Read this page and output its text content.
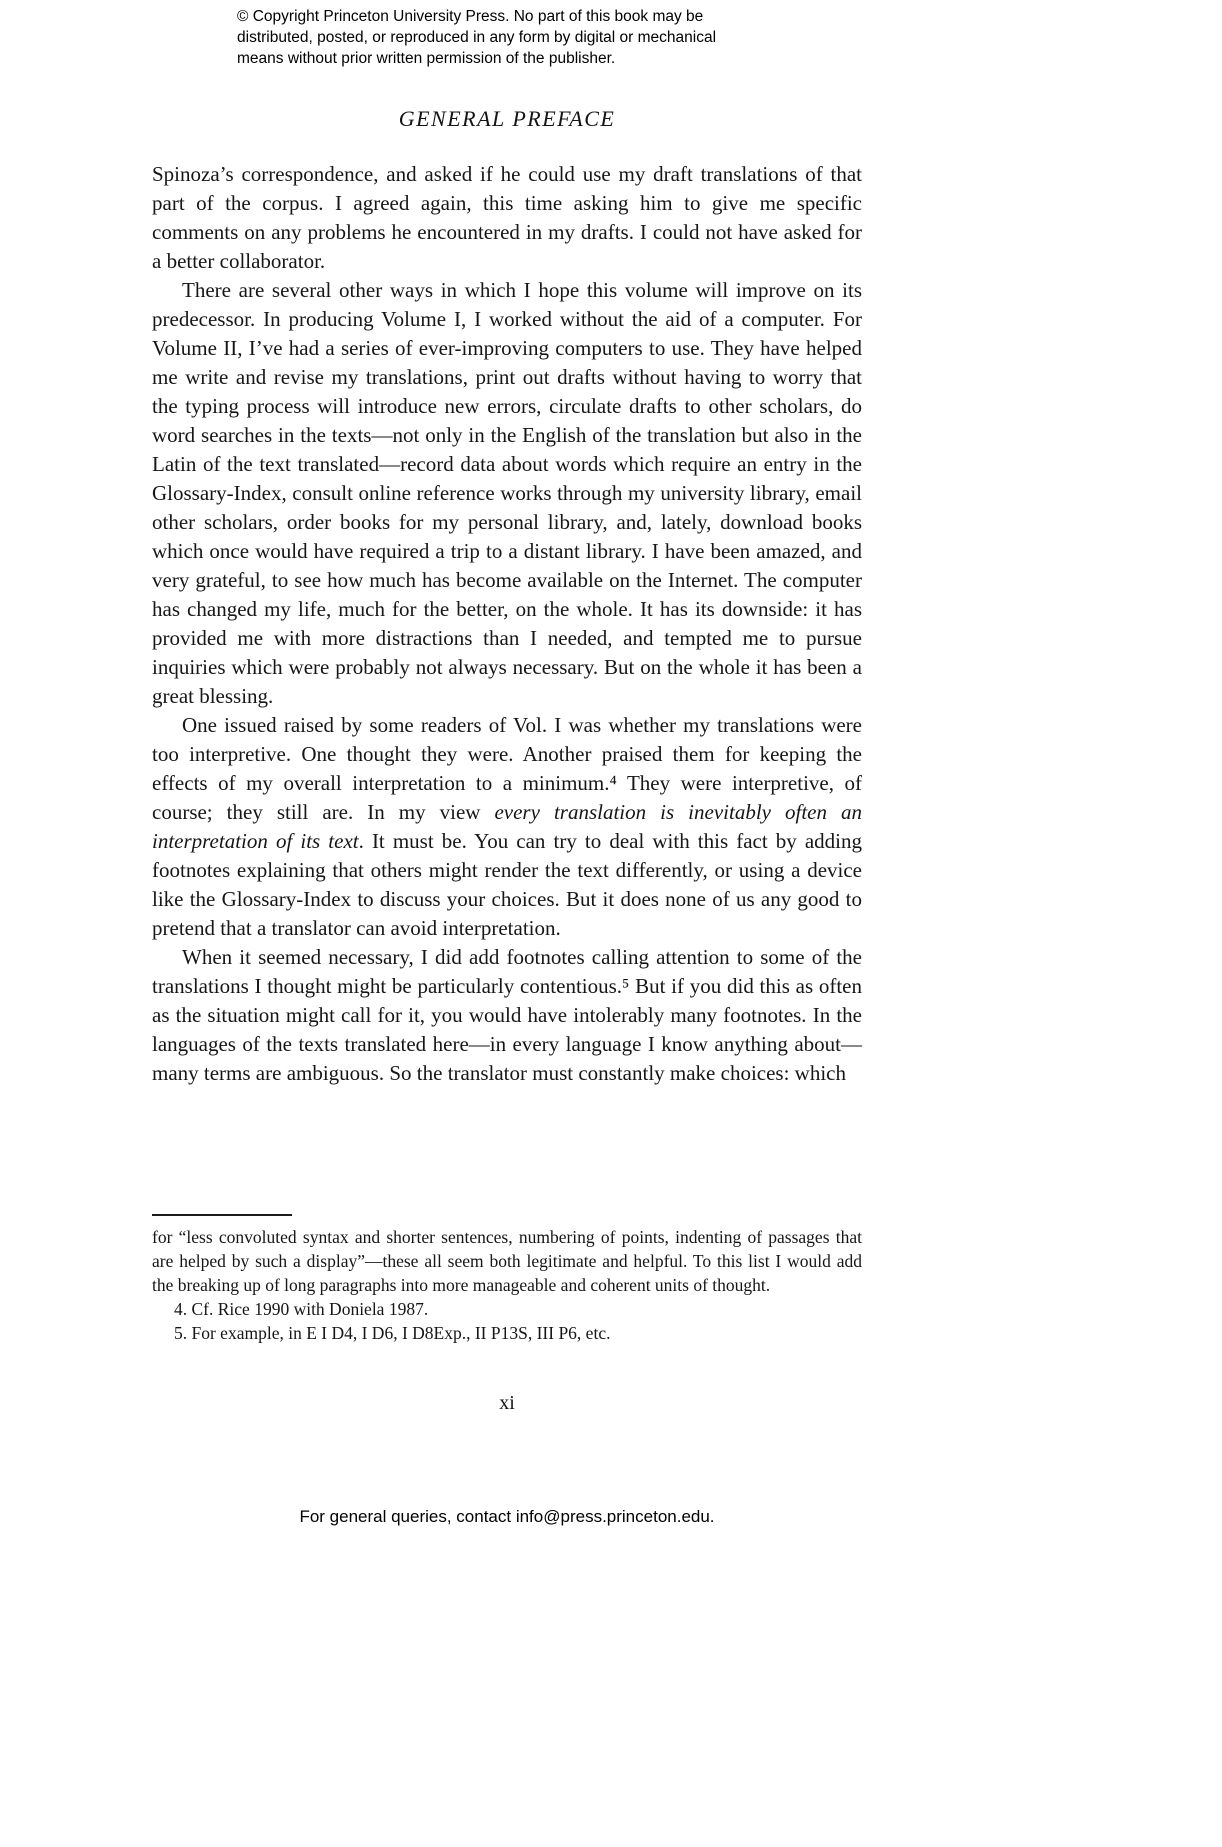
© Copyright Princeton University Press. No part of this book may be distributed, posted, or reproduced in any form by digital or mechanical means without prior written permission of the publisher.
GENERAL PREFACE

Spinoza’s correspondence, and asked if he could use my draft translations of that part of the corpus. I agreed again, this time asking him to give me specific comments on any problems he encountered in my drafts. I could not have asked for a better collaborator.

There are several other ways in which I hope this volume will improve on its predecessor. In producing Volume I, I worked without the aid of a computer. For Volume II, I’ve had a series of ever-improving computers to use. They have helped me write and revise my translations, print out drafts without having to worry that the typing process will introduce new errors, circulate drafts to other scholars, do word searches in the texts—not only in the English of the translation but also in the Latin of the text translated—record data about words which require an entry in the Glossary-Index, consult online reference works through my university library, email other scholars, order books for my personal library, and, lately, download books which once would have required a trip to a distant library. I have been amazed, and very grateful, to see how much has become available on the Internet. The computer has changed my life, much for the better, on the whole. It has its downside: it has provided me with more distractions than I needed, and tempted me to pursue inquiries which were probably not always necessary. But on the whole it has been a great blessing.

One issued raised by some readers of Vol. I was whether my translations were too interpretive. One thought they were. Another praised them for keeping the effects of my overall interpretation to a minimum.⁴ They were interpretive, of course; they still are. In my view every translation is inevitably often an interpretation of its text. It must be. You can try to deal with this fact by adding footnotes explaining that others might render the text differently, or using a device like the Glossary-Index to discuss your choices. But it does none of us any good to pretend that a translator can avoid interpretation.

When it seemed necessary, I did add footnotes calling attention to some of the translations I thought might be particularly contentious.⁵ But if you did this as often as the situation might call for it, you would have intolerably many footnotes. In the languages of the texts translated here—in every language I know anything about—many terms are ambiguous. So the translator must constantly make choices: which

for “less convoluted syntax and shorter sentences, numbering of points, indenting of passages that are helped by such a display”—these all seem both legitimate and helpful. To this list I would add the breaking up of long paragraphs into more manageable and coherent units of thought.

4. Cf. Rice 1990 with Doniela 1987.

5. For example, in E I D4, I D6, I D8Exp., II P13S, III P6, etc.

xi
For general queries, contact info@press.princeton.edu.
